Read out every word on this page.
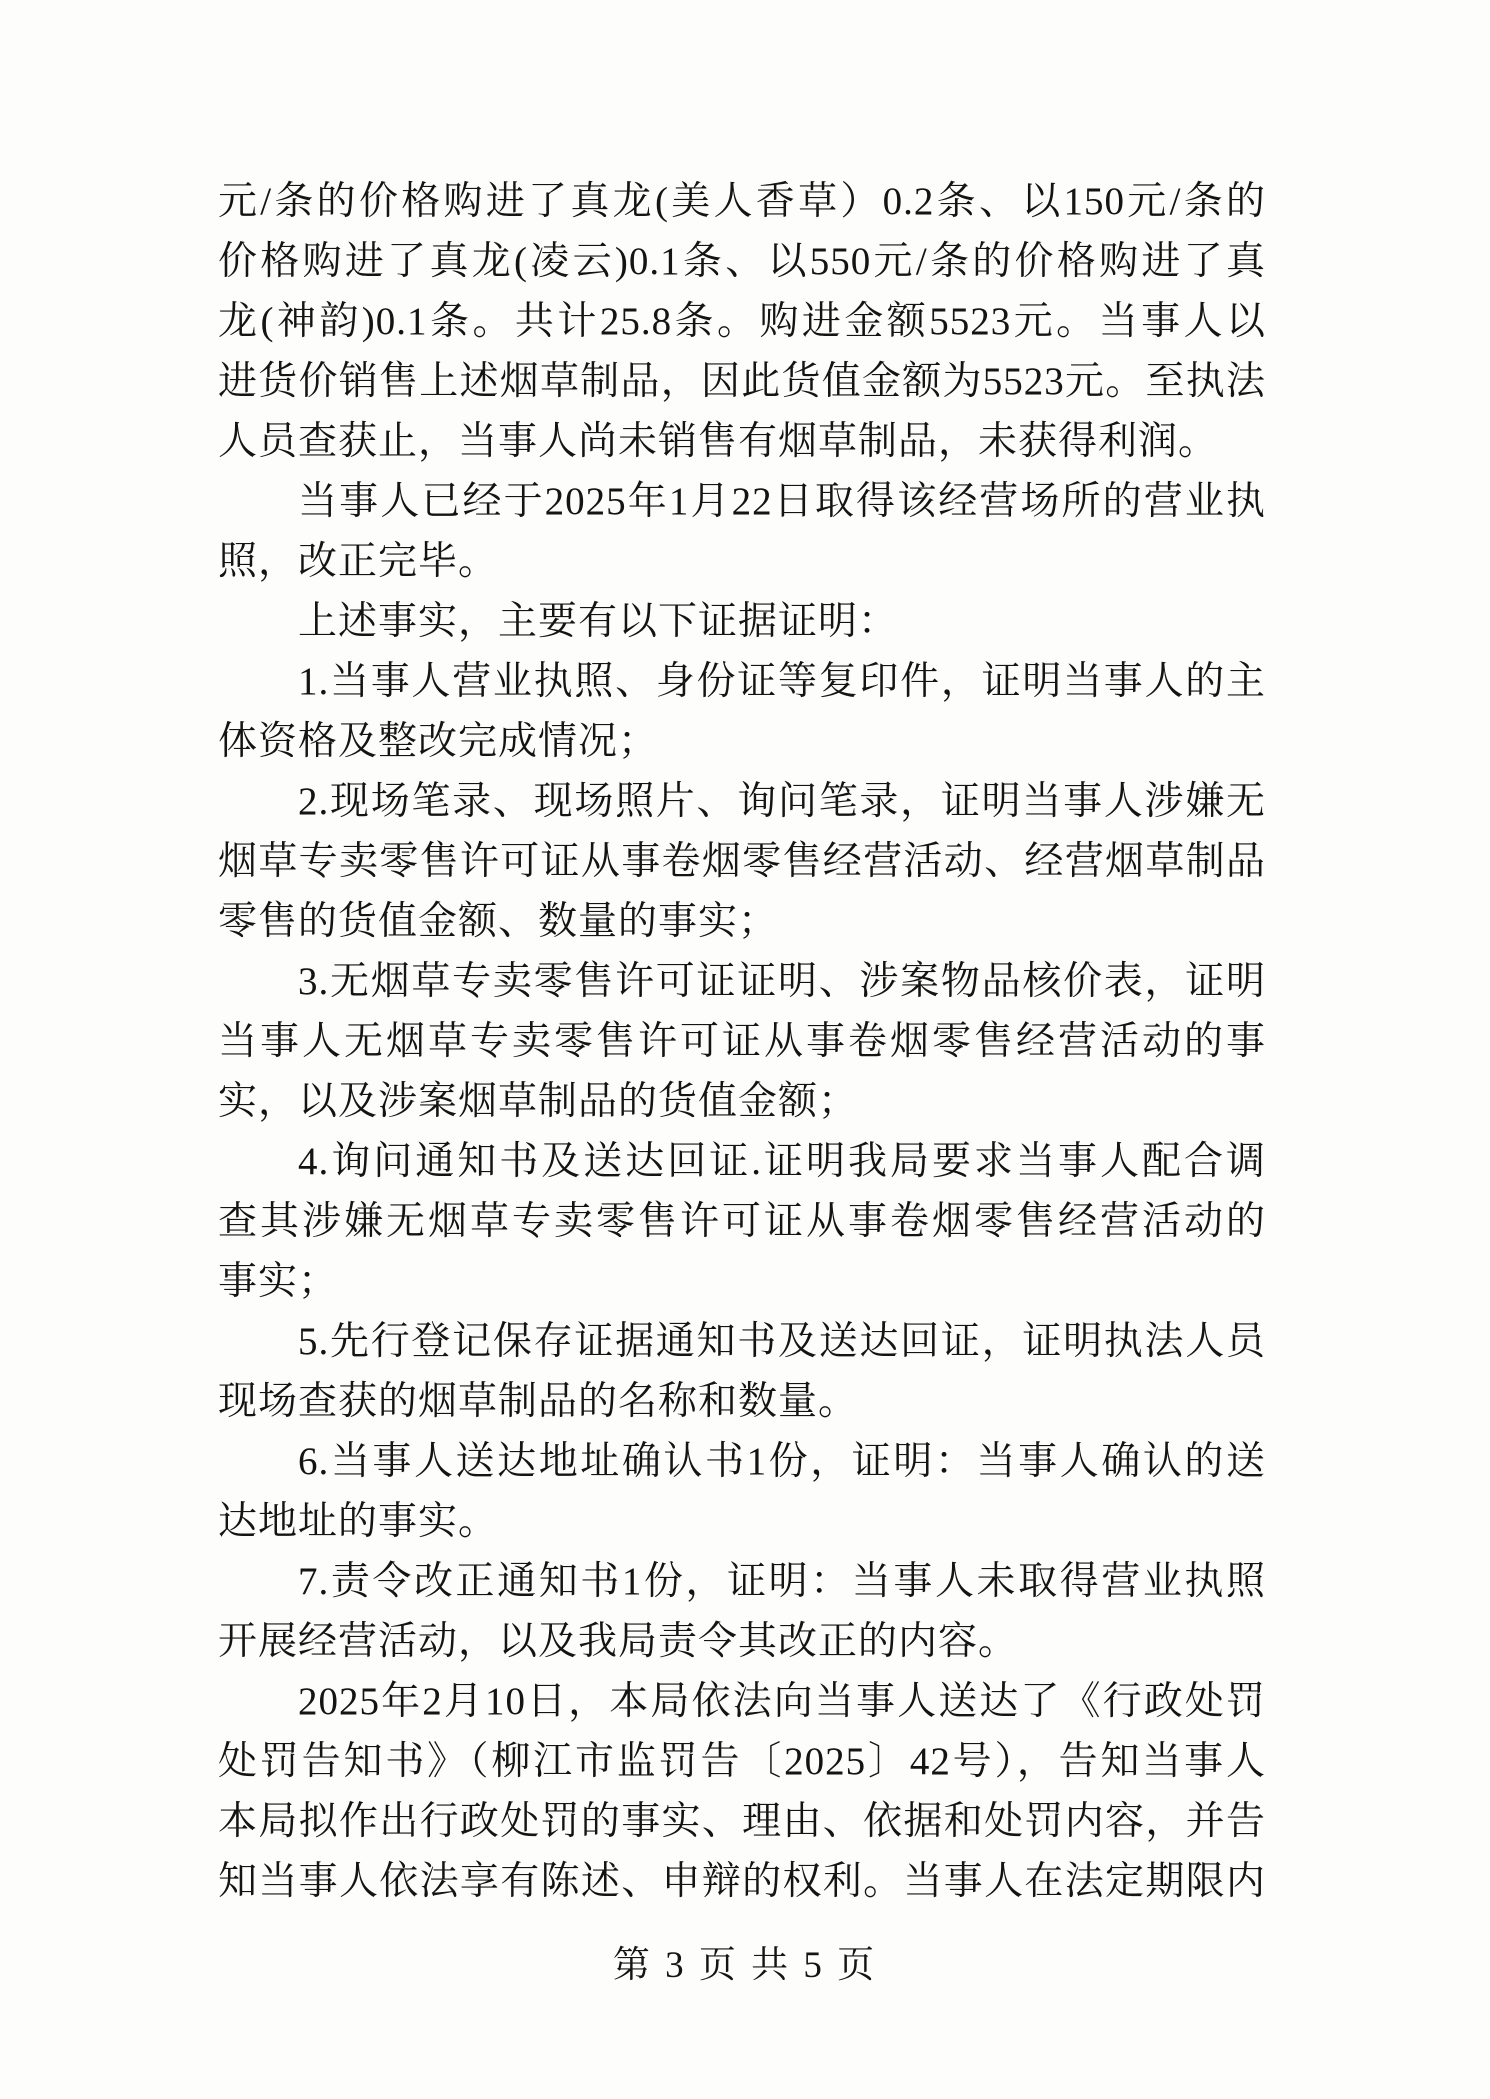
元/条的价格购进了真龙(美人香草）0.2条、以150元/条的
价格购进了真龙(凌云)0.1条、以550元/条的价格购进了真
龙(神韵)0.1条。共计25.8条。购进金额5523元。当事人以
进货价销售上述烟草制品，因此货值金额为5523元。至执法
人员查获止，当事人尚未销售有烟草制品，未获得利润。
当事人已经于2025年1月22日取得该经营场所的营业执
照，改正完毕。
上述事实，主要有以下证据证明：
1.当事人营业执照、身份证等复印件，证明当事人的主
体资格及整改完成情况；
2.现场笔录、现场照片、询问笔录，证明当事人涉嫌无
烟草专卖零售许可证从事卷烟零售经营活动、经营烟草制品
零售的货值金额、数量的事实；
3.无烟草专卖零售许可证证明、涉案物品核价表，证明
当事人无烟草专卖零售许可证从事卷烟零售经营活动的事
实，以及涉案烟草制品的货值金额；
4.询问通知书及送达回证.证明我局要求当事人配合调
查其涉嫌无烟草专卖零售许可证从事卷烟零售经营活动的
事实；
5.先行登记保存证据通知书及送达回证，证明执法人员
现场查获的烟草制品的名称和数量。
6.当事人送达地址确认书1份，证明：当事人确认的送
达地址的事实。
7.责令改正通知书1份，证明：当事人未取得营业执照
开展经营活动，以及我局责令其改正的内容。
2025年2月10日，本局依法向当事人送达了《行政处罚
处罚告知书》（柳江市监罚告〔2025〕42号），告知当事人
本局拟作出行政处罚的事实、理由、依据和处罚内容，并告
知当事人依法享有陈述、申辩的权利。当事人在法定期限内
第 3 页 共 5 页
